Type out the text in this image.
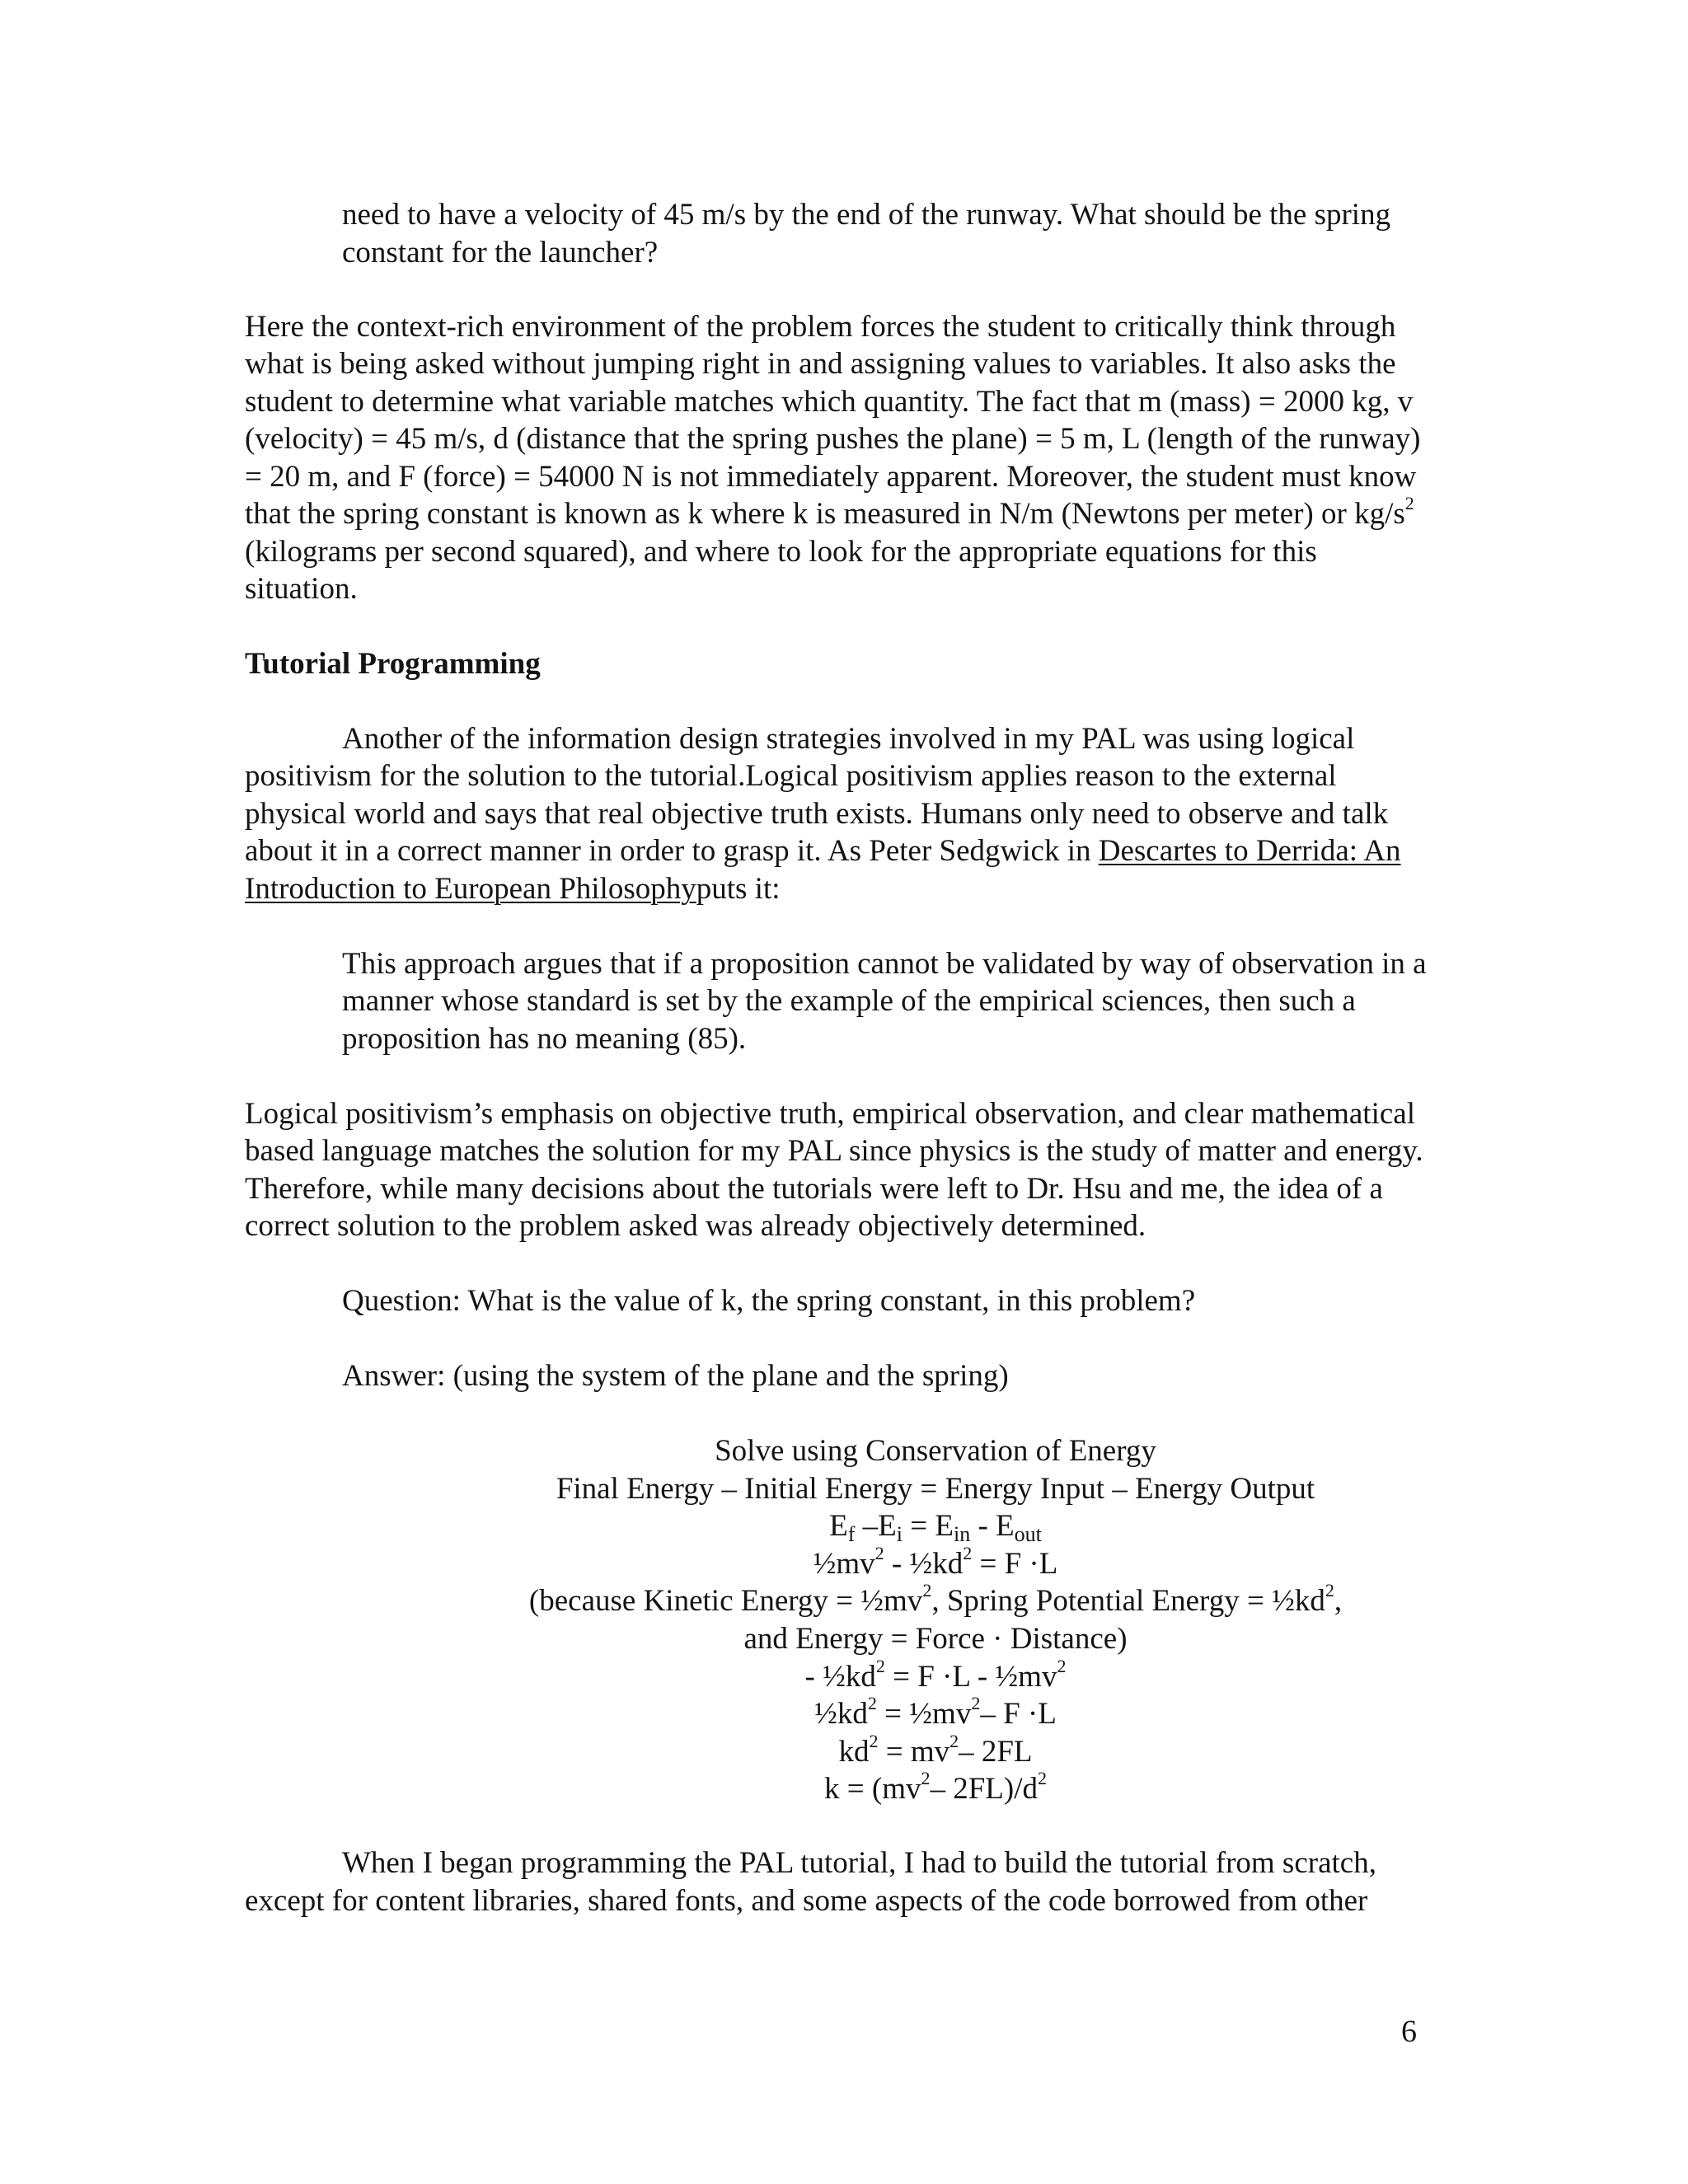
need to have a velocity of 45 m/s by the end of the runway. What should be the spring

constant for the launcher?

Here the context-rich environment of the problem forces the student to critically think through

what is being asked without jumping right in and assigning values to variables. It also asks the

student to determine what variable matches which quantity. The fact that m (mass) = 2000 kg, v

(velocity) = 45 m/s, d (distance that the spring pushes the plane) = 5 m, L (length of the runway)

= 20 m, and F (force) = 54000 N is not immediately apparent. Moreover, the student must know

that the spring constant is known as k where k is measured in N/m (Newtons per meter) or $kg/s^2$

(kilograms per second squared), and where to look for the appropriate equations for this

situation.

Tutorial Programming

Another of the information design strategies involved in my PAL was using logical

positivism for the solution to the tutorial.Logical positivism applies reason to the external

physical world and says that real objective truth exists. Humans only need to observe and talk

about it in a correct manner in order to grasp it. As Peter Sedgwick in Descartes to Derrida: An

Introduction to European Philosophyputs it:

This approach argues that if a proposition cannot be validated by way of observation in a

manner whose standard is set by the example of the empirical sciences, then such a

proposition has no meaning (85).

Logical positivism’s emphasis on objective truth, empirical observation, and clear mathematical

based language matches the solution for my PAL since physics is the study of matter and energy.

Therefore, while many decisions about the tutorials were left to Dr. Hsu and me, the idea of a

correct solution to the problem asked was already objectively determined.

Question: What is the value of k, the spring constant, in this problem?

Answer: (using the system of the plane and the spring)

Solve using Conservation of Energy

Final Energy – Initial Energy = Energy Input – Energy Output

$E_f$ $-E_i = E_{in} - E_{out}$

$\frac{1}{2}mv^2$ - $\frac{1}{2}kd^2 = F \cdot L$

(because Kinetic Energy = $\frac{1}{2}mv^2$, Spring Potential Energy = $\frac{1}{2}kd^2$,

and Energy = Force · Distance)

- $\frac{1}{2}kd^2 = F \cdot L$ - $\frac{1}{2}mv^2$

$\frac{1}{2}kd^2$ = $\frac{1}{2}mv^2-$ F ·L

$kd^2 = mv^2-$ 2FL

$k = (mv^2-$ $2FL)/d^2$

When I began programming the PAL tutorial, I had to build the tutorial from scratch,

except for content libraries, shared fonts, and some aspects of the code borrowed from other

6
